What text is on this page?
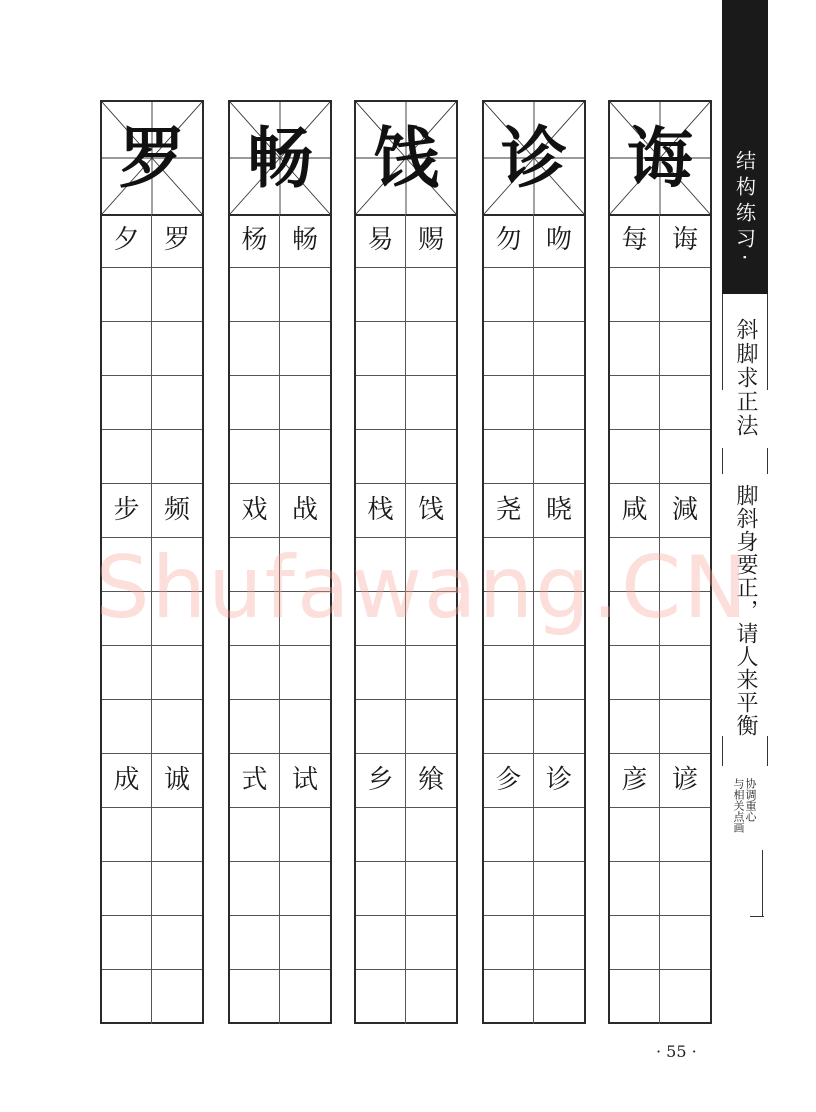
结构练习·
斜脚求正法
脚斜身要正，请人来平衡
协调重心
与相关点画
罗
夕 罗
步 频
成 诚
畅
杨 畅
戏 战
式 试
饯
易 赐
栈 饯
乡 飨
诊
勿 吻
尧 晓
㐱 诊
诲
每 诲
咸 減
彦 谚
Shufawang.CN
· 55 ·
